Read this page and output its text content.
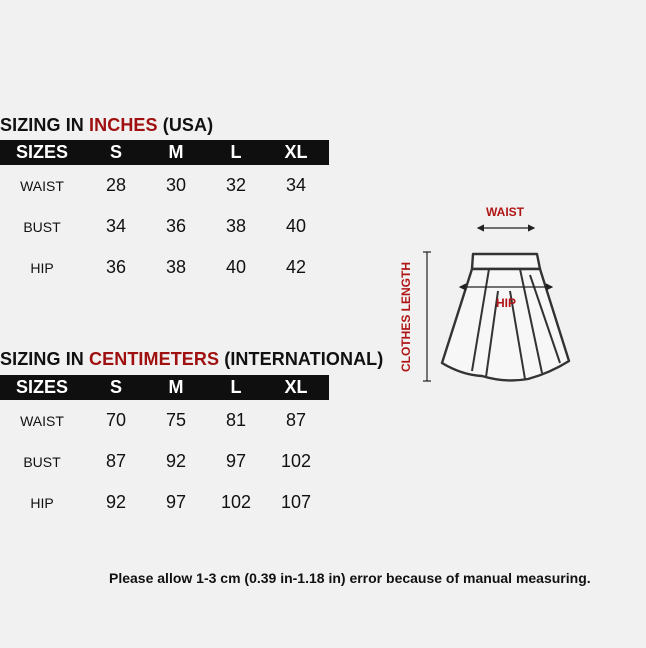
SIZING IN INCHES (USA)
SIZES	S	M	L	XL
WAIST	28	30	32	34
BUST	34	36	38	40
HIP	36	38	40	42
SIZING IN CENTIMETERS (INTERNATIONAL)
SIZES	S	M	L	XL
WAIST	70	75	81	87
BUST	87	92	97	102
HIP	92	97	102	107
WAIST
CLOTHES LENGTH	HIP

Please allow 1-3 cm (0.39 in-1.18 in) error because of manual measuring.
